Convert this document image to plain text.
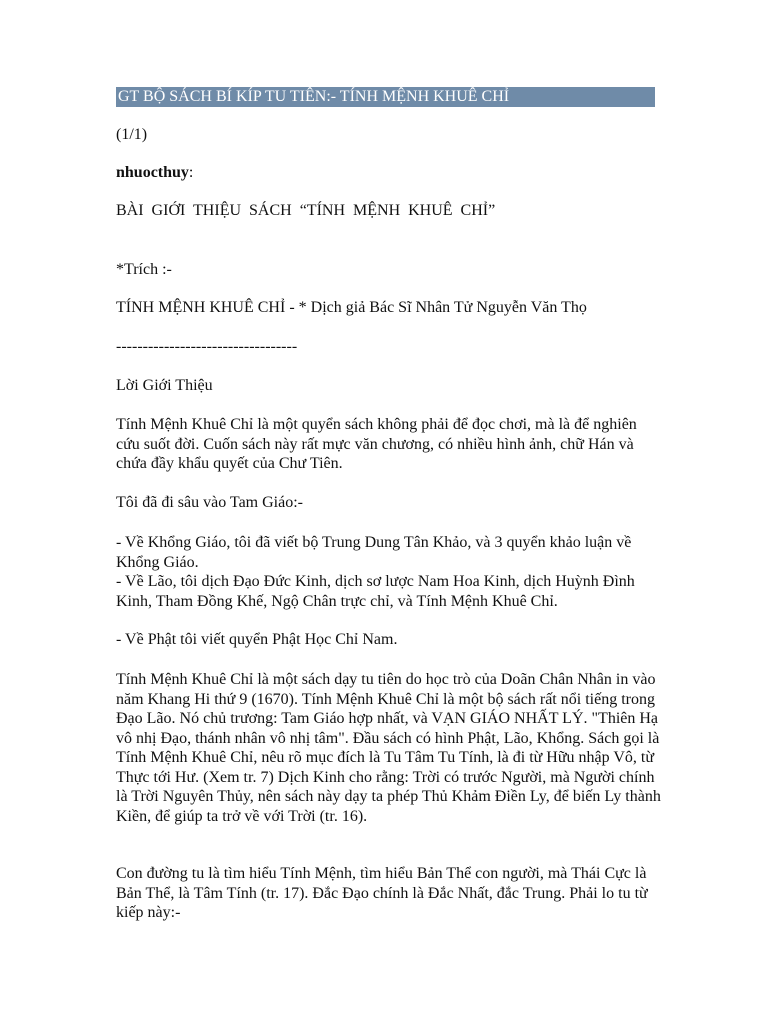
GT BỘ SÁCH BÍ KÍP TU TIÊN:- TÍNH MỆNH KHUÊ CHỈ
(1/1)
nhuocthuy:
BÀI GIỚI THIỆU SÁCH “TÍNH MỆNH KHUÊ CHỈ”
*Trích :-
TÍNH MỆNH KHUÊ CHỈ - * Dịch giả Bác Sĩ Nhân Tử Nguyễn Văn Thọ
----------------------------------
Lời Giới Thiệu
Tính Mệnh Khuê Chỉ là một quyển sách không phải để đọc chơi, mà là để nghiên cứu suốt đời. Cuốn sách này rất mực văn chương, có nhiều hình ảnh, chữ Hán và chứa đầy khẩu quyết của Chư Tiên.
Tôi đã đi sâu vào Tam Giáo:-
- Về Khổng Giáo, tôi đã viết bộ Trung Dung Tân Khảo, và 3 quyển khảo luận về Khổng Giáo.
- Về Lão, tôi dịch Đạo Đức Kinh, dịch sơ lược Nam Hoa Kinh, dịch Huỳnh Đình Kinh, Tham Đồng Khế, Ngộ Chân trực chỉ, và Tính Mệnh Khuê Chỉ.
- Về Phật tôi viết quyển Phật Học Chỉ Nam.
Tính Mệnh Khuê Chỉ là một sách dạy tu tiên do học trò của Doãn Chân Nhân in vào năm Khang Hi thứ 9 (1670). Tính Mệnh Khuê Chỉ là một bộ sách rất nổi tiếng trong Đạo Lão. Nó chủ trương: Tam Giáo hợp nhất, và VẠN GIÁO NHẤT LÝ. "Thiên Hạ vô nhị Đạo, thánh nhân vô nhị tâm". Đầu sách có hình Phật, Lão, Khổng. Sách gọi là Tính Mệnh Khuê Chỉ, nêu rõ mục đích là Tu Tâm Tu Tính, là đi từ Hữu nhập Vô, từ Thực tới Hư. (Xem tr. 7) Dịch Kinh cho rằng: Trời có trước Người, mà Người chính là Trời Nguyên Thủy, nên sách này dạy ta phép Thủ Khảm Điền Ly, để biến Ly thành Kiền, để giúp ta trở về với Trời (tr. 16).
Con đường tu là tìm hiểu Tính Mệnh, tìm hiểu Bản Thể con người, mà Thái Cực là Bản Thể, là Tâm Tính (tr. 17). Đắc Đạo chính là Đắc Nhất, đắc Trung. Phải lo tu từ kiếp này:-
